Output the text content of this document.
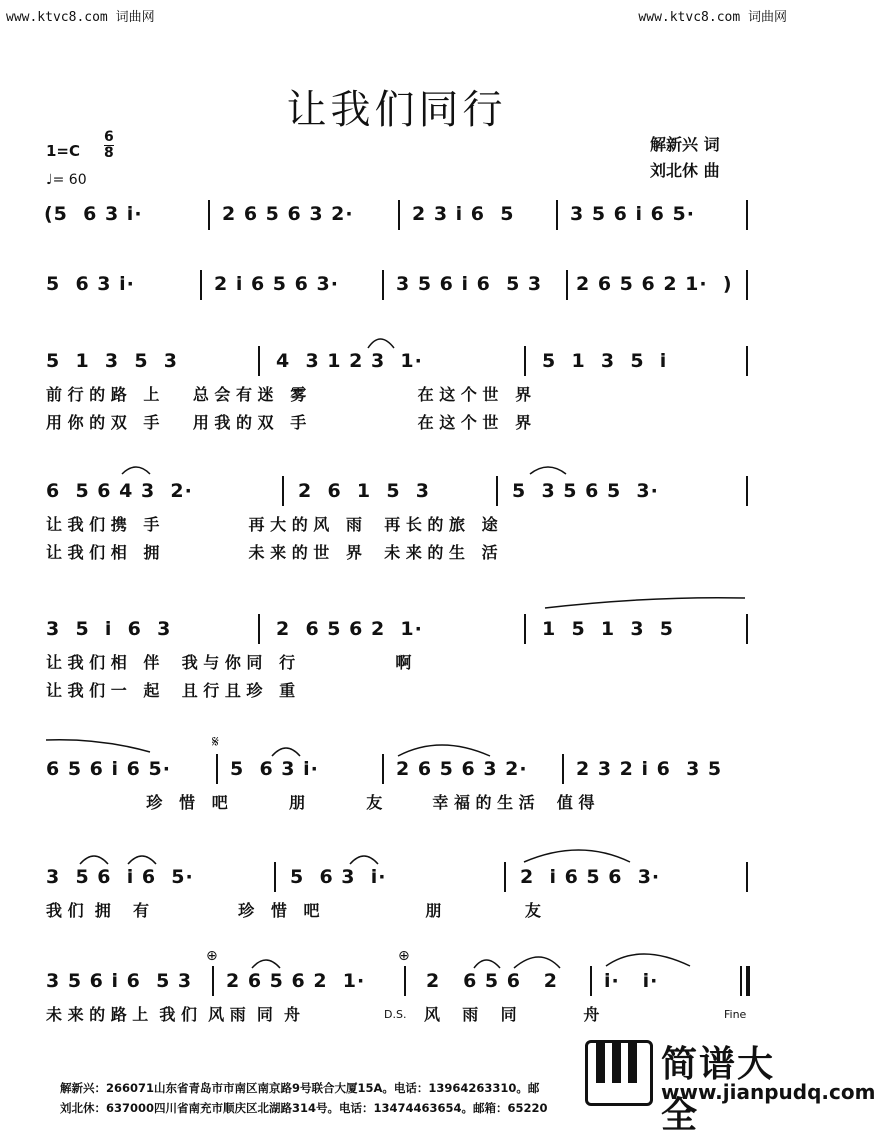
www.ktvc8.com 词曲网	www.ktvc8.com 词曲网
让我们同行
$1=C \frac{6}{8}$
♩= 60
解新兴 词
刘北休 曲
(5  6 3 i·	2 6 5 6 3 2·	2 3 i 6  5	3 5 6 i 6 5·
5  6 3 i·	2 i 6 5 6 3·	3 5 6 i 6  5 3 2 6 5 6 2 1·  )
5  1  3  5  3	4  3 1 2 3  1·	5  1  3  5  i
前 行 的 路   上      总 会 有 迷   雾                    在 这 个 世   界
用 你 的 双   手      用 我 的 双   手                    在 这 个 世   界
6  5 6 4 3  2·	2  6  1  5  3	5  3 5 6 5  3·
让 我 们 携   手                再 大 的 风   雨    再 长 的 旅   途
让 我 们 相   拥                未 来 的 世   界    未 来 的 生   活
3  5  i  6  3	2  6 5 6 2  1·	1  5  1  3  5
让 我 们 相   伴    我 与 你 同   行                  啊
让 我 们 一   起    且 行 且 珍   重
𝄋
6 5 6 i 6 5·	5  6 3 i·	2 6 5 6 3 2·	2 3 2 i 6  3 5
珍   惜   吧           朋           友         幸 福 的 生 活    值 得
3  5 6  i 6  5·	5  6 3  i·	2  i 6 5 6  3·
我 们  拥    有                珍   惜   吧                   朋               友
⊕	⊕
3 5 6 i 6  5 3 2 6 5 6 2  1·	2   6 5 6   2 i·   i·
未 来 的 路 上  我 们  风 雨  同  舟	D.S. 风    雨    同            舟	Fine
解新兴：266071山东省青岛市市南区南京路9号联合大厦15A。电话：13964263310。邮
刘北休：637000四川省南充市顺庆区北湖路314号。电话：13474463654。邮箱：65220
简谱大全
www.jianpudq.com
